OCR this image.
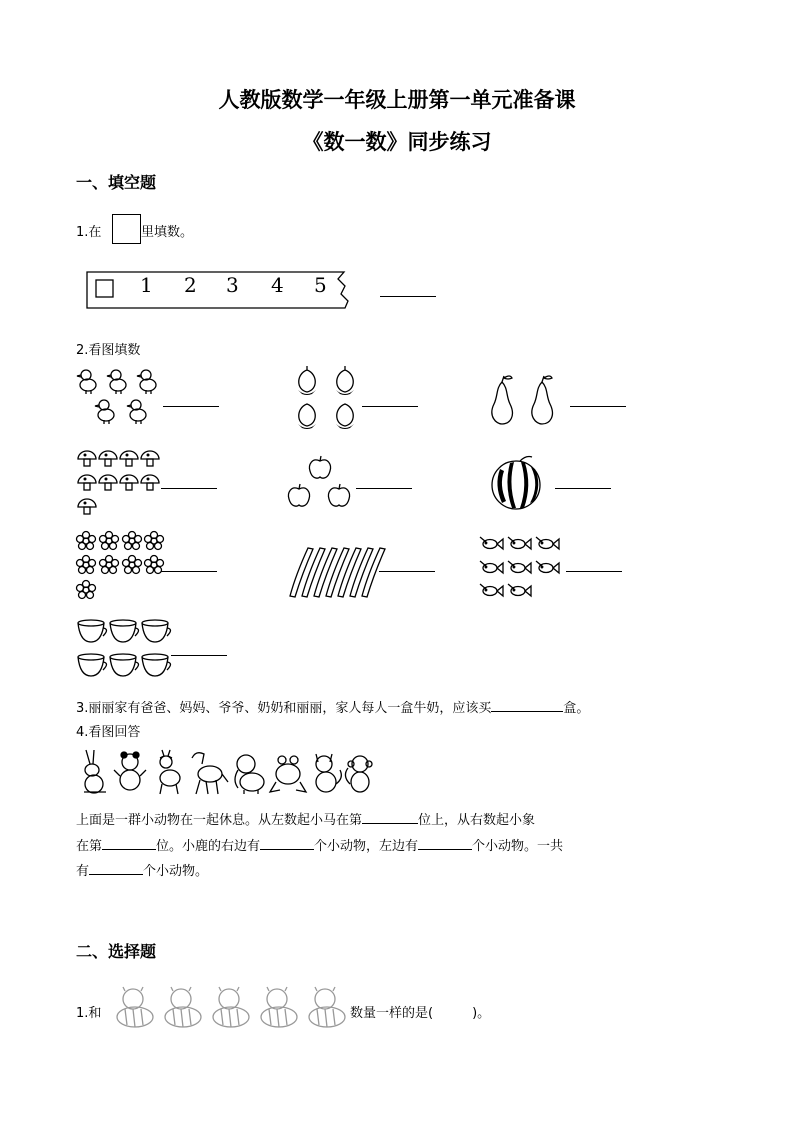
人教版数学一年级上册第一单元准备课
《数一数》同步练习
一、填空题
1.在	里填数。
1 2 3 4 5
2.看图填数
3.丽丽家有爸爸、妈妈、爷爷、奶奶和丽丽，家人每人一盒牛奶，应该买	盒。
4.看图回答
上面是一群小动物在一起休息。从左数起小马在第	位上，从右数起小象
在第	位。小鹿的右边有	个小动物，左边有	个小动物。一共
有	个小动物。
二、选择题
1.和	数量一样的是(　　　)。
